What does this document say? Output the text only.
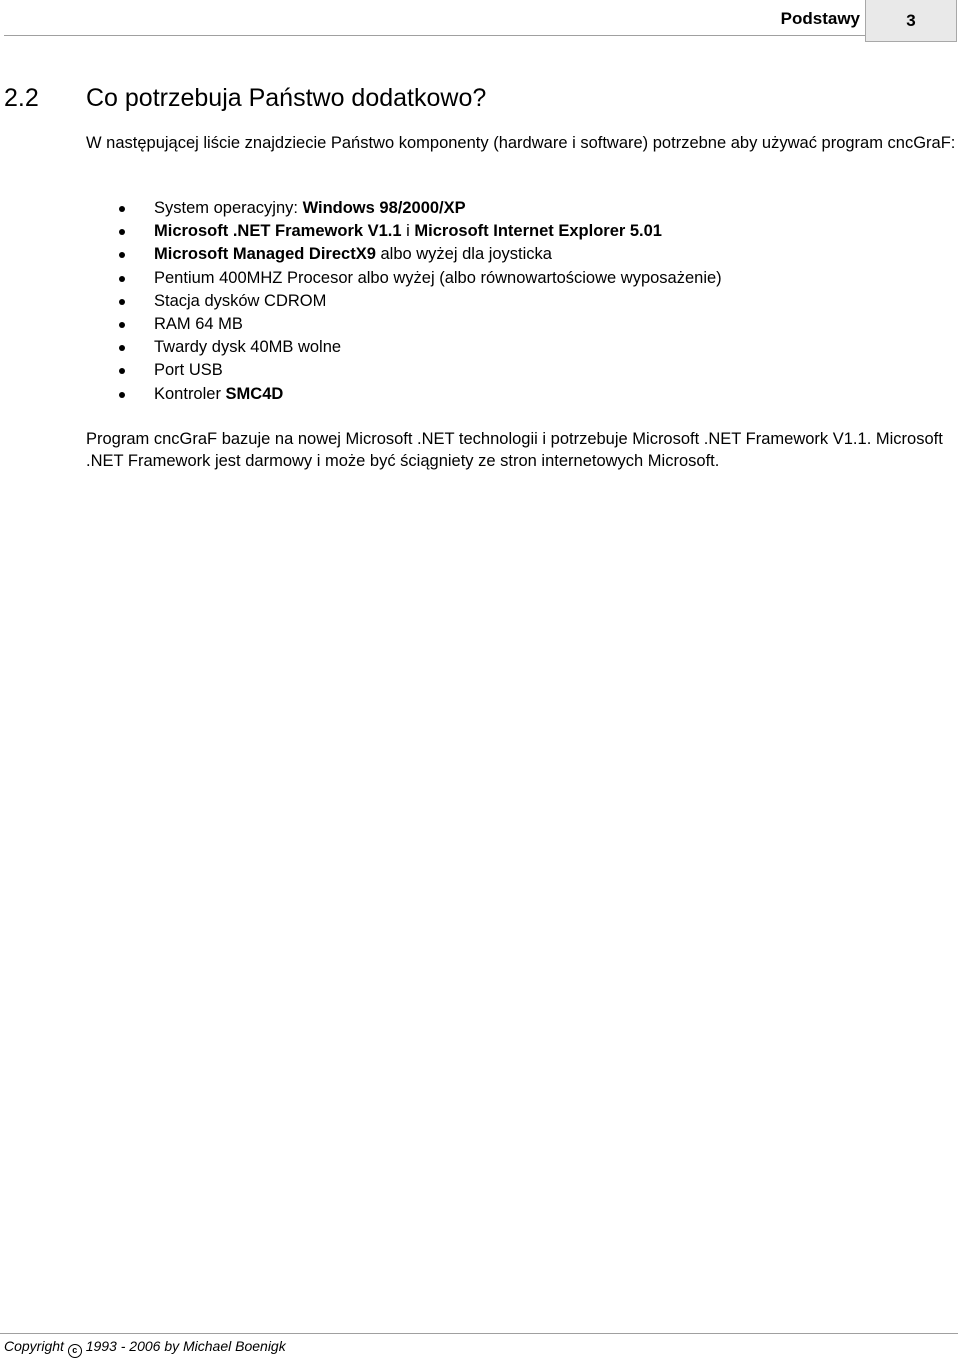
Podstawy	3
2.2 Co potrzebuja Państwo dodatkowo?

W następującej liście znajdziecie Państwo komponenty (hardware i software) potrzebne aby używać program cncGraF:

System operacyjny: Windows 98/2000/XP
Microsoft .NET Framework V1.1 i Microsoft Internet Explorer 5.01
Microsoft Managed DirectX9 albo wyżej dla joysticka
Pentium 400MHZ Procesor albo wyżej (albo równowartościowe wyposażenie)
Stacja dysków CDROM
RAM 64 MB
Twardy dysk 40MB wolne
Port USB
Kontroler SMC4D

Program cncGraF bazuje na nowej Microsoft .NET technologii i potrzebuje Microsoft .NET Framework V1.1. Microsoft .NET Framework jest darmowy i może być ściągniety ze stron internetowych Microsoft.

Copyright c 1993 - 2006 by Michael Boenigk
